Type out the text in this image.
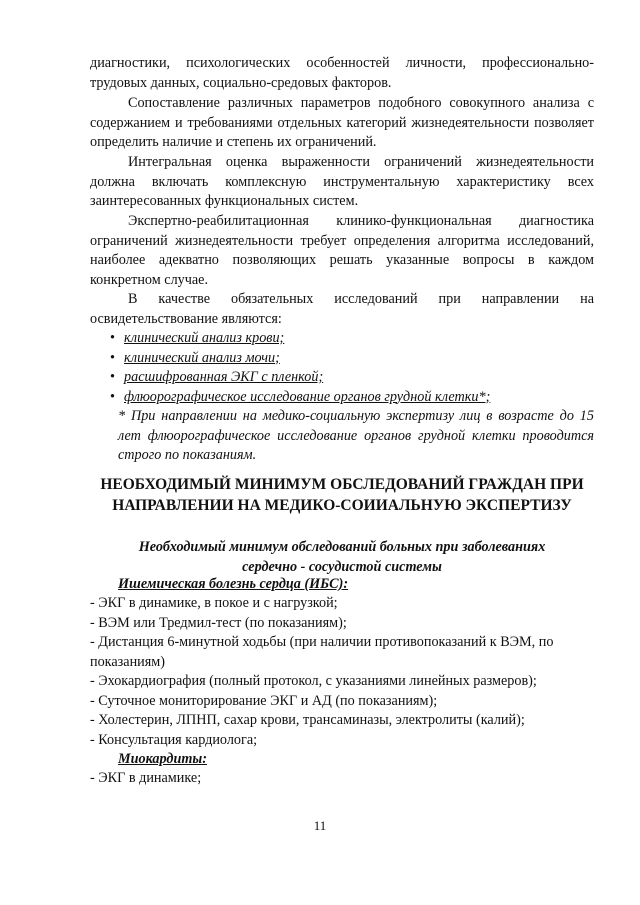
диагностики, психологических особенностей личности, профессионально-
трудовых данных, социально-средовых факторов.

Сопоставление различных параметров подобного совокупного анализа с содержанием и требованиями отдельных категорий жизнедеятельности позволяет определить наличие и степень их ограничений.

Интегральная оценка выраженности ограничений жизнедеятельности должна включать комплексную инструментальную характеристику всех заинтересованных функциональных систем.

Экспертно-реабилитационная клинико-функциональная диагностика ограничений жизнедеятельности требует определения алгоритма исследований, наиболее адекватно позволяющих решать указанные вопросы в каждом конкретном случае.

В качестве обязательных исследований при направлении на освидетельствование являются:

• клинический анализ крови;
• клинический анализ мочи;
• расшифрованная ЭКГ с пленкой;
• флюорографическое исследование органов грудной клетки*;

* При направлении на медико-социальную экспертизу лиц в возрасте до 15 лет флюорографическое исследование органов грудной клетки проводится строго по показаниям.

НЕОБХОДИМЫЙ МИНИМУМ ОБСЛЕДОВАНИЙ ГРАЖДАН ПРИ
НАПРАВЛЕНИИ НА МЕДИКО-СОИИАЛЬНУЮ ЭКСПЕРТИЗУ
Необходимый минимум обследований больных при заболеваниях
сердечно - сосудистой системы
Ишемическая болезнь сердца (ИБС):
- ЭКГ в динамике, в покое и с нагрузкой;
- ВЭМ или Тредмил-тест (по показаниям);
- Дистанция 6-минутной ходьбы (при наличии противопоказаний к ВЭМ, по показаниям)
- Эхокардиография (полный протокол, с указаниями линейных размеров);
- Суточное мониторирование ЭКГ и АД (по показаниям);
- Холестерин, ЛПНП, сахар крови, трансаминазы, электролиты (калий);
- Консультация кардиолога;
Миокардиты:
- ЭКГ в динамике;
11
